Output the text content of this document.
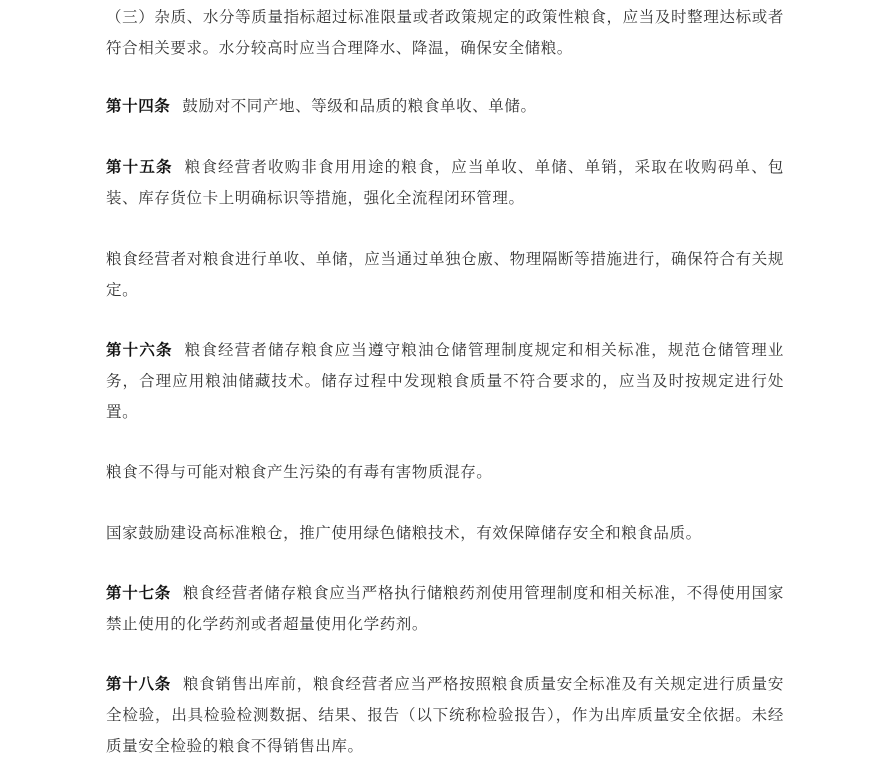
（三）杂质、水分等质量指标超过标准限量或者政策规定的政策性粮食，应当及时整理达标或者符合相关要求。水分较高时应当合理降水、降温，确保安全储粮。

第十四条 鼓励对不同产地、等级和品质的粮食单收、单储。

第十五条 粮食经营者收购非食用用途的粮食，应当单收、单储、单销，采取在收购码单、包装、库存货位卡上明确标识等措施，强化全流程闭环管理。

粮食经营者对粮食进行单收、单储，应当通过单独仓廒、物理隔断等措施进行，确保符合有关规定。

第十六条 粮食经营者储存粮食应当遵守粮油仓储管理制度规定和相关标准，规范仓储管理业务，合理应用粮油储藏技术。储存过程中发现粮食质量不符合要求的，应当及时按规定进行处置。

粮食不得与可能对粮食产生污染的有毒有害物质混存。

国家鼓励建设高标准粮仓，推广使用绿色储粮技术，有效保障储存安全和粮食品质。

第十七条 粮食经营者储存粮食应当严格执行储粮药剂使用管理制度和相关标准，不得使用国家禁止使用的化学药剂或者超量使用化学药剂。

第十八条 粮食销售出库前，粮食经营者应当严格按照粮食质量安全标准及有关规定进行质量安全检验，出具检验检测数据、结果、报告（以下统称检验报告），作为出库质量安全依据。未经质量安全检验的粮食不得销售出库。
